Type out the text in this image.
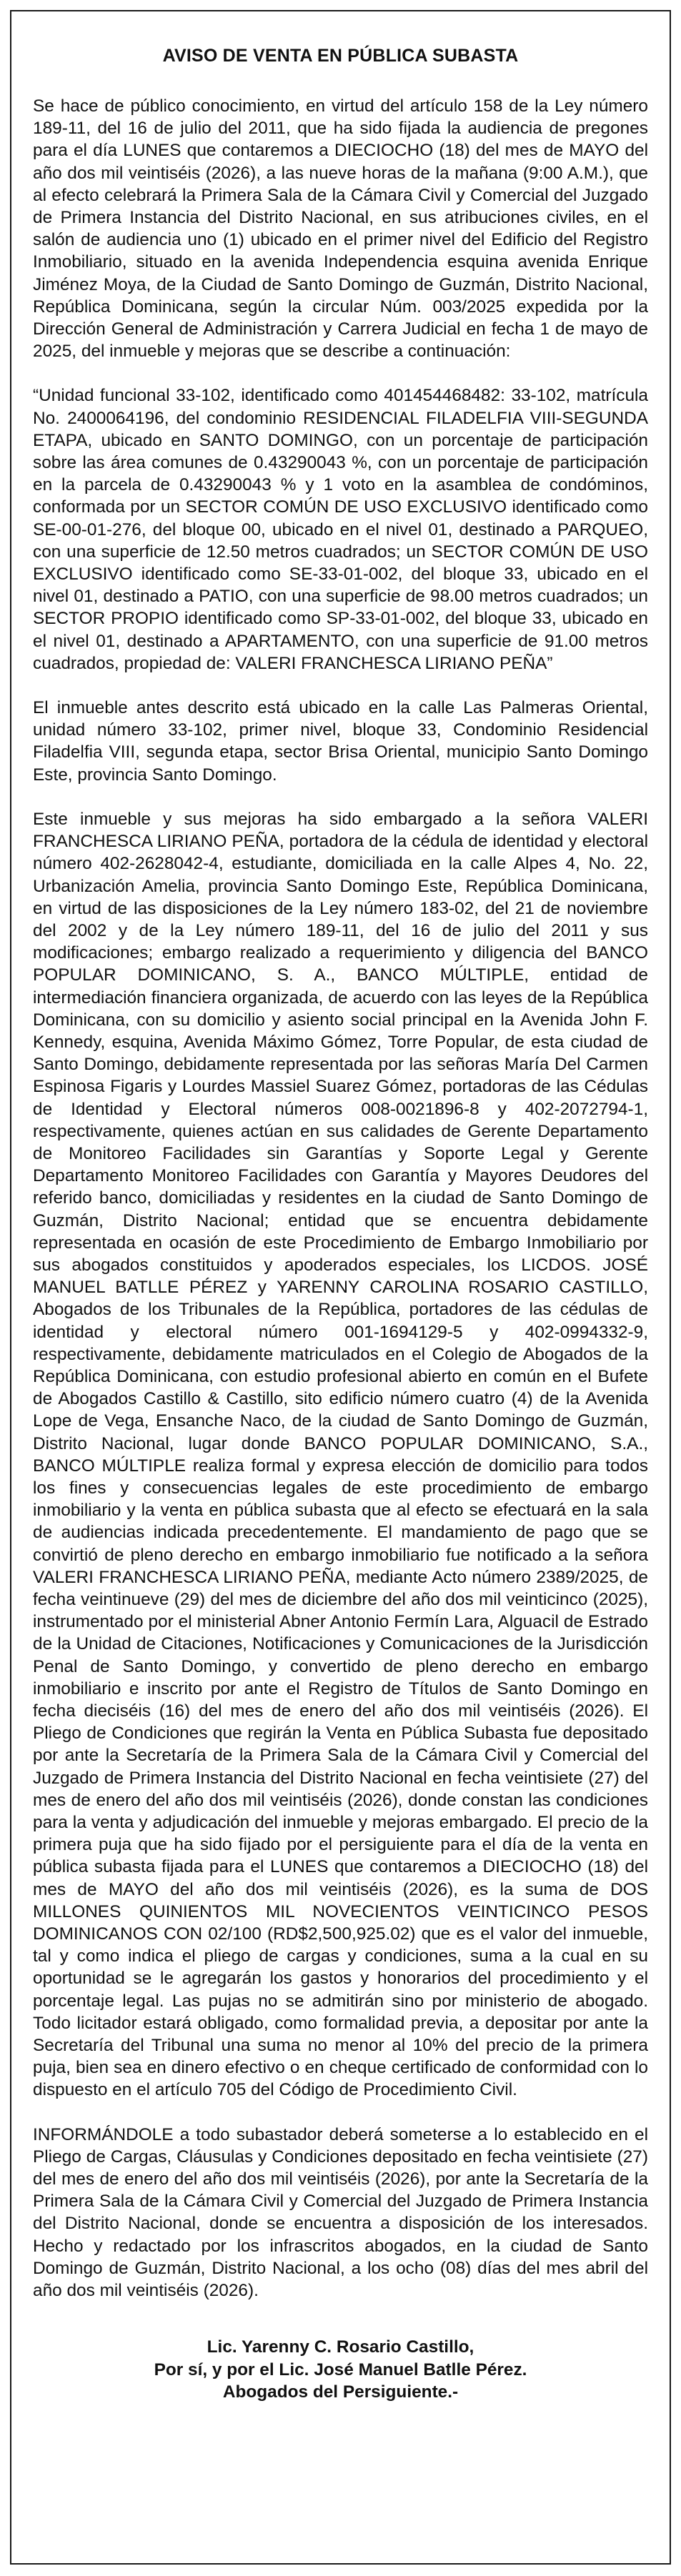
AVISO DE VENTA EN PÚBLICA SUBASTA

Se hace de público conocimiento, en virtud del artículo 158 de la Ley número 189-11, del 16 de julio del 2011, que ha sido fijada la audiencia de pregones para el día LUNES que contaremos a DIECIOCHO (18) del mes de MAYO del año dos mil veintiséis (2026), a las nueve horas de la mañana (9:00 A.M.), que al efecto celebrará la Primera Sala de la Cámara Civil y Comercial del Juzgado de Primera Instancia del Distrito Nacional, en sus atribuciones civiles, en el salón de audiencia uno (1) ubicado en el primer nivel del Edificio del Registro Inmobiliario, situado en la avenida Independencia esquina avenida Enrique Jiménez Moya, de la Ciudad de Santo Domingo de Guzmán, Distrito Nacional, República Dominicana, según la circular Núm. 003/2025 expedida por la Dirección General de Administración y Carrera Judicial en fecha 1 de mayo de 2025, del inmueble y mejoras que se describe a continuación:

“Unidad funcional 33-102, identificado como 401454468482: 33-102, matrícula No. 2400064196, del condominio RESIDENCIAL FILADELFIA VIII-SEGUNDA ETAPA, ubicado en SANTO DOMINGO, con un porcentaje de participación sobre las área comunes de 0.43290043 %, con un porcentaje de participación en la parcela de 0.43290043 % y 1 voto en la asamblea de condóminos, conformada por un SECTOR COMÚN DE USO EXCLUSIVO identificado como SE-00-01-276, del bloque 00, ubicado en el nivel 01, destinado a PARQUEO, con una superficie de 12.50 metros cuadrados; un SECTOR COMÚN DE USO EXCLUSIVO identificado como SE-33-01-002, del bloque 33, ubicado en el nivel 01, destinado a PATIO, con una superficie de 98.00 metros cuadrados; un SECTOR PROPIO identificado como SP-33-01-002, del bloque 33, ubicado en el nivel 01, destinado a APARTAMENTO, con una superficie de 91.00 metros cuadrados, propiedad de: VALERI FRANCHESCA LIRIANO PEÑA”

El inmueble antes descrito está ubicado en la calle Las Palmeras Oriental, unidad número 33-102, primer nivel, bloque 33, Condominio Residencial Filadelfia VIII, segunda etapa, sector Brisa Oriental, municipio Santo Domingo Este, provincia Santo Domingo.

Este inmueble y sus mejoras ha sido embargado a la señora VALERI FRANCHESCA LIRIANO PEÑA, portadora de la cédula de identidad y electoral número 402-2628042-4, estudiante, domiciliada en la calle Alpes 4, No. 22, Urbanización Amelia, provincia Santo Domingo Este, República Dominicana, en virtud de las disposiciones de la Ley número 183-02, del 21 de noviembre del 2002 y de la Ley número 189-11, del 16 de julio del 2011 y sus modificaciones; embargo realizado a requerimiento y diligencia del BANCO POPULAR DOMINICANO, S. A., BANCO MÚLTIPLE, entidad de intermediación financiera organizada, de acuerdo con las leyes de la República Dominicana, con su domicilio y asiento social principal en la Avenida John F. Kennedy, esquina, Avenida Máximo Gómez, Torre Popular, de esta ciudad de Santo Domingo, debidamente representada por las señoras María Del Carmen Espinosa Figaris y Lourdes Massiel Suarez Gómez, portadoras de las Cédulas de Identidad y Electoral números 008-0021896-8 y 402-2072794-1, respectivamente, quienes actúan en sus calidades de Gerente Departamento de Monitoreo Facilidades sin Garantías y Soporte Legal y Gerente Departamento Monitoreo Facilidades con Garantía y Mayores Deudores del referido banco, domiciliadas y residentes en la ciudad de Santo Domingo de Guzmán, Distrito Nacional; entidad que se encuentra debidamente representada en ocasión de este Procedimiento de Embargo Inmobiliario por sus abogados constituidos y apoderados especiales, los LICDOS. JOSÉ MANUEL BATLLE PÉREZ y YARENNY CAROLINA ROSARIO CASTILLO, Abogados de los Tribunales de la República, portadores de las cédulas de identidad y electoral número 001-1694129-5 y 402-0994332-9, respectivamente, debidamente matriculados en el Colegio de Abogados de la República Dominicana, con estudio profesional abierto en común en el Bufete de Abogados Castillo & Castillo, sito edificio número cuatro (4) de la Avenida Lope de Vega, Ensanche Naco, de la ciudad de Santo Domingo de Guzmán, Distrito Nacional, lugar donde BANCO POPULAR DOMINICANO, S.A., BANCO MÚLTIPLE realiza formal y expresa elección de domicilio para todos los fines y consecuencias legales de este procedimiento de embargo inmobiliario y la venta en pública subasta que al efecto se efectuará en la sala de audiencias indicada precedentemente. El mandamiento de pago que se convirtió de pleno derecho en embargo inmobiliario fue notificado a la señora VALERI FRANCHESCA LIRIANO PEÑA, mediante Acto número 2389/2025, de fecha veintinueve (29) del mes de diciembre del año dos mil veinticinco (2025), instrumentado por el ministerial Abner Antonio Fermín Lara, Alguacil de Estrado de la Unidad de Citaciones, Notificaciones y Comunicaciones de la Jurisdicción Penal de Santo Domingo, y convertido de pleno derecho en embargo inmobiliario e inscrito por ante el Registro de Títulos de Santo Domingo en fecha dieciséis (16) del mes de enero del año dos mil veintiséis (2026). El Pliego de Condiciones que regirán la Venta en Pública Subasta fue depositado por ante la Secretaría de la Primera Sala de la Cámara Civil y Comercial del Juzgado de Primera Instancia del Distrito Nacional en fecha veintisiete (27) del mes de enero del año dos mil veintiséis (2026), donde constan las condiciones para la venta y adjudicación del inmueble y mejoras embargado. El precio de la primera puja que ha sido fijado por el persiguiente para el día de la venta en pública subasta fijada para el LUNES que contaremos a DIECIOCHO (18) del mes de MAYO del año dos mil veintiséis (2026), es la suma de DOS MILLONES QUINIENTOS MIL NOVECIENTOS VEINTICINCO PESOS DOMINICANOS CON 02/100 (RD$2,500,925.02) que es el valor del inmueble, tal y como indica el pliego de cargas y condiciones, suma a la cual en su oportunidad se le agregarán los gastos y honorarios del procedimiento y el porcentaje legal. Las pujas no se admitirán sino por ministerio de abogado. Todo licitador estará obligado, como formalidad previa, a depositar por ante la Secretaría del Tribunal una suma no menor al 10% del precio de la primera puja, bien sea en dinero efectivo o en cheque certificado de conformidad con lo dispuesto en el artículo 705 del Código de Procedimiento Civil.

INFORMÁNDOLE a todo subastador deberá someterse a lo establecido en el Pliego de Cargas, Cláusulas y Condiciones depositado en fecha veintisiete (27) del mes de enero del año dos mil veintiséis (2026), por ante la Secretaría de la Primera Sala de la Cámara Civil y Comercial del Juzgado de Primera Instancia del Distrito Nacional, donde se encuentra a disposición de los interesados. Hecho y redactado por los infrascritos abogados, en la ciudad de Santo Domingo de Guzmán, Distrito Nacional, a los ocho (08) días del mes abril del año dos mil veintiséis (2026).

Lic. Yarenny C. Rosario Castillo,
Por sí, y por el Lic. José Manuel Batlle Pérez.
Abogados del Persiguiente.-
